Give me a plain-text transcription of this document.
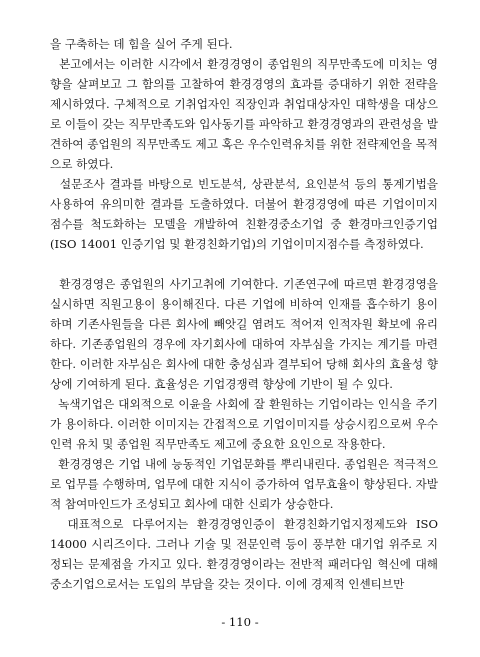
을 구축하는 데 힘을 실어 주게 된다.

본고에서는 이러한 시각에서 환경경영이 종업원의 직무만족도에 미치는 영향을 살펴보고 그 함의를 고찰하여 환경경영의 효과를 증대하기 위한 전략을 제시하였다. 구체적으로 기취업자인 직장인과 취업대상자인 대학생을 대상으로 이들이 갖는 직무만족도와 입사동기를 파악하고 환경경영과의 관련성을 발견하여 종업원의 직무만족도 제고 혹은 우수인력유치를 위한 전략제언을 목적으로 하였다.

설문조사 결과를 바탕으로 빈도분석, 상관분석, 요인분석 등의 통계기법을 사용하여 유의미한 결과를 도출하였다. 더불어 환경경영에 따른 기업이미지 점수를 척도화하는 모델을 개발하여 친환경중소기업 중 환경마크인증기업 (ISO 14001 인증기업 및 환경친화기업)의 기업이미지점수를 측정하였다.

환경경영은 종업원의 사기고취에 기여한다. 기존연구에 따르면 환경경영을 실시하면 직원고용이 용이해진다. 다른 기업에 비하여 인재를 흡수하기 용이하며 기존사원들을 다른 회사에 빼앗길 염려도 적어져 인적자원 확보에 유리하다. 기존종업원의 경우에 자기회사에 대하여 자부심을 가지는 계기를 마련한다. 이러한 자부심은 회사에 대한 충성심과 결부되어 당해 회사의 효율성 향상에 기여하게 된다. 효율성은 기업경쟁력 향상에 기반이 될 수 있다.

녹색기업은 대외적으로 이윤을 사회에 잘 환원하는 기업이라는 인식을 주기가 용이하다. 이러한 이미지는 간접적으로 기업이미지를 상승시킴으로써 우수인력 유치 및 종업원 직무만족도 제고에 중요한 요인으로 작용한다.

환경경영은 기업 내에 능동적인 기업문화를 뿌리내린다. 종업원은 적극적으로 업무를 수행하며, 업무에 대한 지식이 증가하여 업무효율이 향상된다. 자발적 참여마인드가 조성되고 회사에 대한 신뢰가 상승한다.

대표적으로 다루어지는 환경경영인증이 환경친화기업지정제도와 ISO 14000 시리즈이다. 그러나 기술 및 전문인력 등이 풍부한 대기업 위주로 지정되는 문제점을 가지고 있다. 환경경영이라는 전반적 패러다임 혁신에 대해 중소기업으로서는 도입의 부담을 갖는 것이다. 이에 경제적 인센티브만

- 110 -
